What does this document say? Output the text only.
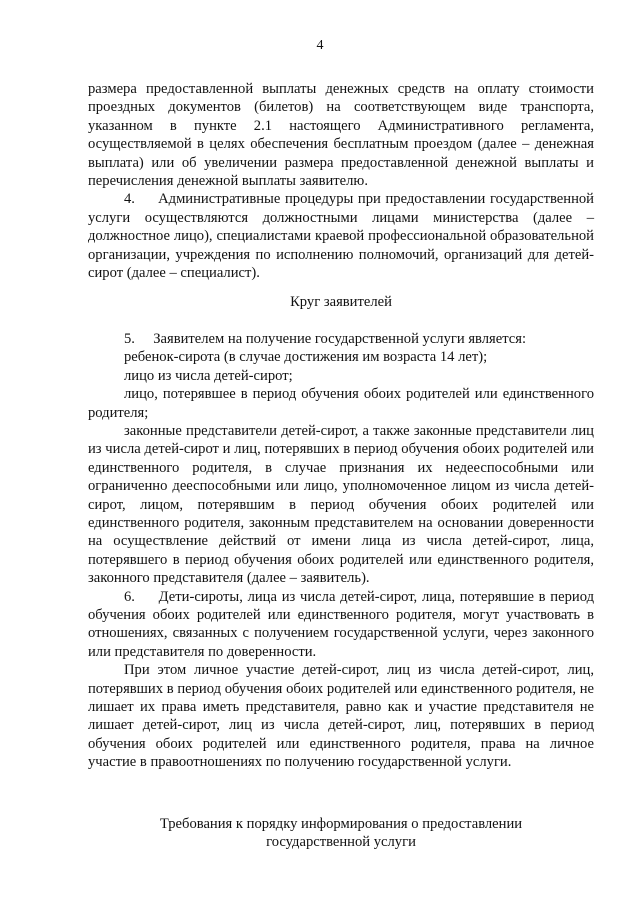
4

размера предоставленной выплаты денежных средств на оплату стоимости проездных документов (билетов) на соответствующем виде транспорта, указанном в пункте 2.1 настоящего Административного регламента, осуществляемой в целях обеспечения бесплатным проездом (далее – денежная выплата) или об увеличении размера предоставленной денежной выплаты и перечисления денежной выплаты заявителю.

4.     Административные процедуры при предоставлении государственной услуги осуществляются должностными лицами министерства (далее – должностное лицо), специалистами краевой профессиональной образовательной организации, учреждения по исполнению полномочий, организаций для детей-сирот (далее – специалист).

Круг заявителей

5.     Заявителем на получение государственной услуги является:

ребенок-сирота (в случае достижения им возраста 14 лет);

лицо из числа детей-сирот;

лицо, потерявшее в период обучения обоих родителей или единственного родителя;

законные представители детей-сирот, а также законные представители лиц из числа детей-сирот и лиц, потерявших в период обучения обоих родителей или единственного родителя, в случае признания их недееспособными или ограниченно дееспособными или лицо, уполномоченное лицом из числа детей-сирот, лицом, потерявшим в период обучения обоих родителей или единственного родителя, законным представителем на основании доверенности на осуществление действий от имени лица из числа детей-сирот, лица, потерявшего в период обучения обоих родителей или единственного родителя, законного представителя (далее – заявитель).

6.     Дети-сироты, лица из числа детей-сирот, лица, потерявшие в период обучения обоих родителей или единственного родителя, могут участвовать в отношениях, связанных с получением государственной услуги, через законного или представителя по доверенности.

При этом личное участие детей-сирот, лиц из числа детей-сирот, лиц, потерявших в период обучения обоих родителей или единственного родителя, не лишает их права иметь представителя, равно как и участие представителя не лишает детей-сирот, лиц из числа детей-сирот, лиц, потерявших в период обучения обоих родителей или единственного родителя, права на личное участие в правоотношениях по получению государственной услуги.

Требования к порядку информирования о предоставлении
государственной услуги
